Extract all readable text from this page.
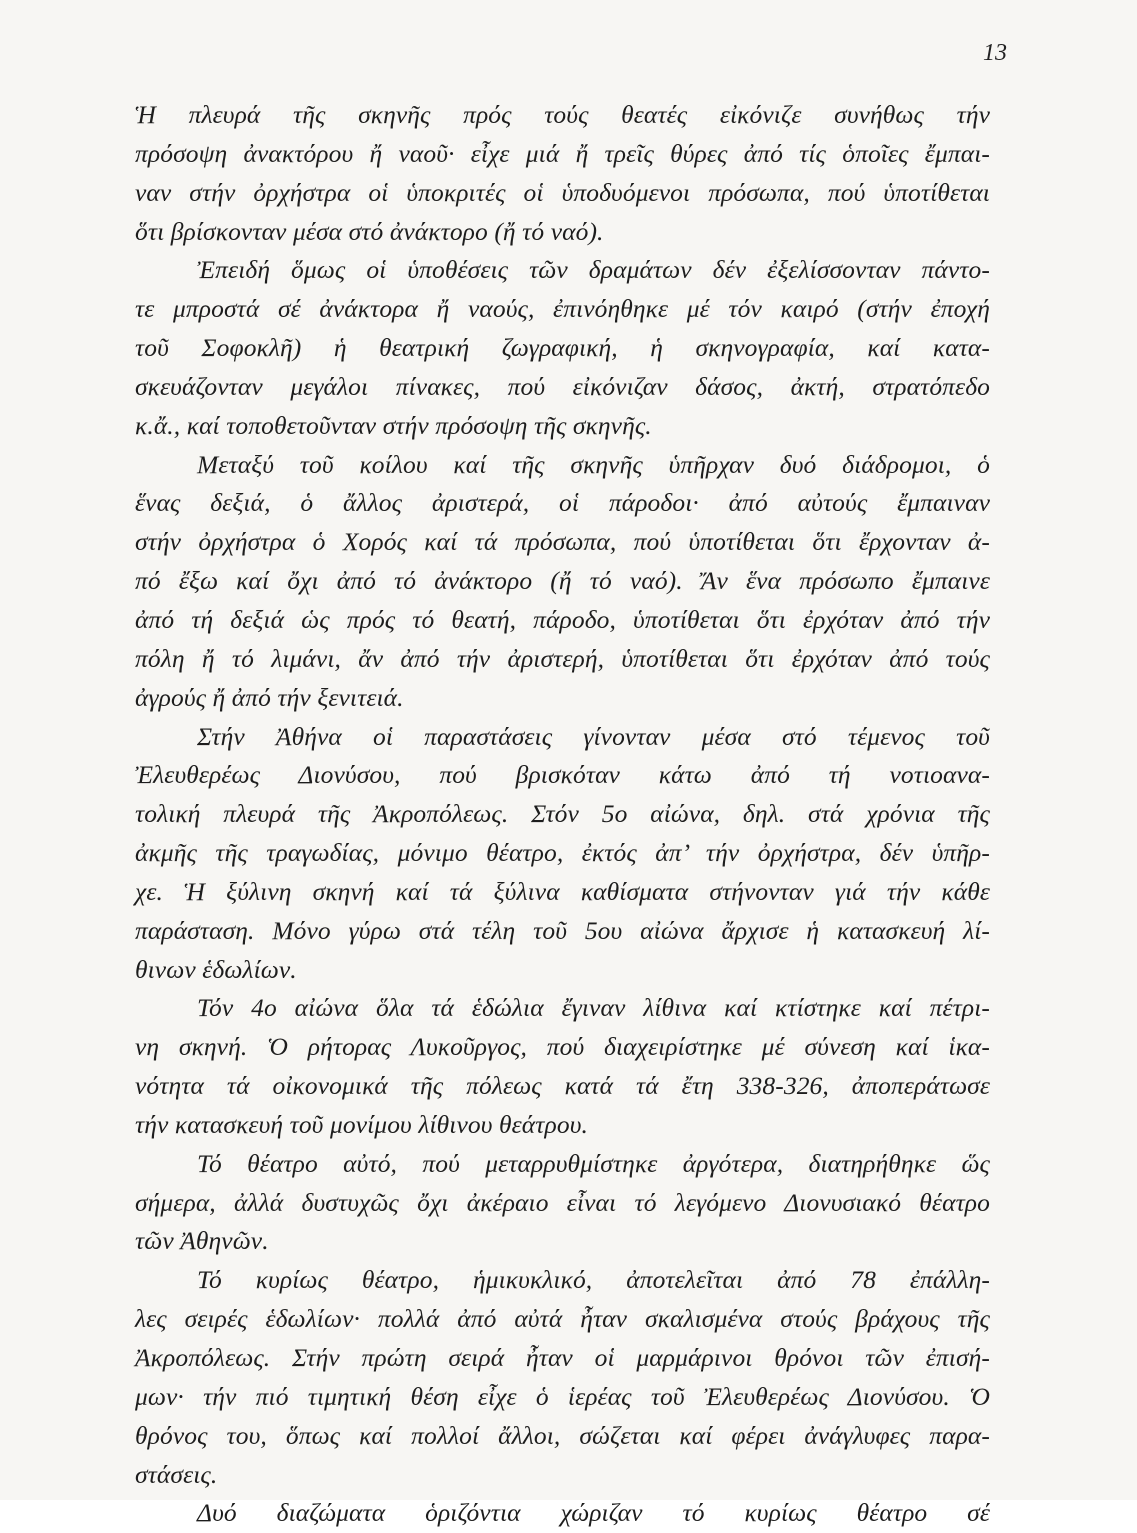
13
Ἡ πλευρά τῆς σκηνῆς πρός τούς θεατές εἰκόνιζε συνήθως τήν
πρόσοψη ἀνακτόρου ἤ ναοῦ· εἶχε μιά ἤ τρεῖς θύρες ἀπό τίς ὁποῖες ἔμπαι-
ναν στήν ὀρχήστρα οἱ ὑποκριτές οἱ ὑποδυόμενοι πρόσωπα, πού ὑποτίθεται
ὅτι βρίσκονταν μέσα στό ἀνάκτορο (ἤ τό ναό).
Ἐπειδή ὅμως οἱ ὑποθέσεις τῶν δραμάτων δέν ἐξελίσσονταν πάντο-
τε μπροστά σέ ἀνάκτορα ἤ ναούς, ἐπινόηθηκε μέ τόν καιρό (στήν ἐποχή
τοῦ Σοφοκλῆ) ἡ θεατρική ζωγραφική, ἡ σκηνογραφία, καί κατα-
σκευάζονταν μεγάλοι πίνακες, πού εἰκόνιζαν δάσος, ἀκτή, στρατόπεδο
κ.ἄ., καί τοποθετοῦνταν στήν πρόσοψη τῆς σκηνῆς.
Μεταξύ τοῦ κοίλου καί τῆς σκηνῆς ὑπῆρχαν δυό διάδρομοι, ὁ
ἕνας δεξιά, ὁ ἄλλος ἀριστερά, οἱ πάροδοι· ἀπό αὐτούς ἔμπαιναν
στήν ὀρχήστρα ὁ Χορός καί τά πρόσωπα, πού ὑποτίθεται ὅτι ἔρχονταν ἀ-
πό ἔξω καί ὄχι ἀπό τό ἀνάκτορο (ἤ τό ναό). Ἄν ἕνα πρόσωπο ἔμπαινε
ἀπό τή δεξιά ὡς πρός τό θεατή, πάροδο, ὑποτίθεται ὅτι ἐρχόταν ἀπό τήν
πόλη ἤ τό λιμάνι, ἄν ἀπό τήν ἀριστερή, ὑποτίθεται ὅτι ἐρχόταν ἀπό τούς
ἀγρούς ἤ ἀπό τήν ξενιτειά.
Στήν Ἀθήνα οἱ παραστάσεις γίνονταν μέσα στό τέμενος τοῦ
Ἐλευθερέως Διονύσου, πού βρισκόταν κάτω ἀπό τή νοτιοανα-
τολική πλευρά τῆς Ἀκροπόλεως. Στόν 5ο αἰώνα, δηλ. στά χρόνια τῆς
ἀκμῆς τῆς τραγωδίας, μόνιμο θέατρο, ἐκτός ἀπ’ τήν ὀρχήστρα, δέν ὑπῆρ-
χε. Ἡ ξύλινη σκηνή καί τά ξύλινα καθίσματα στήνονταν γιά τήν κάθε
παράσταση. Μόνο γύρω στά τέλη τοῦ 5ου αἰώνα ἄρχισε ἡ κατασκευή λί-
θινων ἑδωλίων.
Τόν 4ο αἰώνα ὅλα τά ἑδώλια ἔγιναν λίθινα καί κτίστηκε καί πέτρι-
νη σκηνή. Ὁ ρήτορας Λυκοῦργος, πού διαχειρίστηκε μέ σύνεση καί ἱκα-
νότητα τά οἰκονομικά τῆς πόλεως κατά τά ἔτη 338-326, ἀποπεράτωσε
τήν κατασκευή τοῦ μονίμου λίθινου θεάτρου.
Τό θέατρο αὐτό, πού μεταρρυθμίστηκε ἀργότερα, διατηρήθηκε ὥς
σήμερα, ἀλλά δυστυχῶς ὄχι ἀκέραιο εἶναι τό λεγόμενο Διονυσιακό θέατρο
τῶν Ἀθηνῶν.
Τό κυρίως θέατρο, ἡμικυκλικό, ἀποτελεῖται ἀπό 78 ἐπάλλη-
λες σειρές ἑδωλίων· πολλά ἀπό αὐτά ἦταν σκαλισμένα στούς βράχους τῆς
Ἀκροπόλεως. Στήν πρώτη σειρά ἦταν οἱ μαρμάρινοι θρόνοι τῶν ἐπισή-
μων· τήν πιό τιμητική θέση εἶχε ὁ ἱερέας τοῦ Ἐλευθερέως Διονύσου. Ὁ
θρόνος του, ὅπως καί πολλοί ἄλλοι, σώζεται καί φέρει ἀνάγλυφες παρα-
στάσεις.
Δυό διαζώματα ὁριζόντια χώριζαν τό κυρίως θέατρο σέ
